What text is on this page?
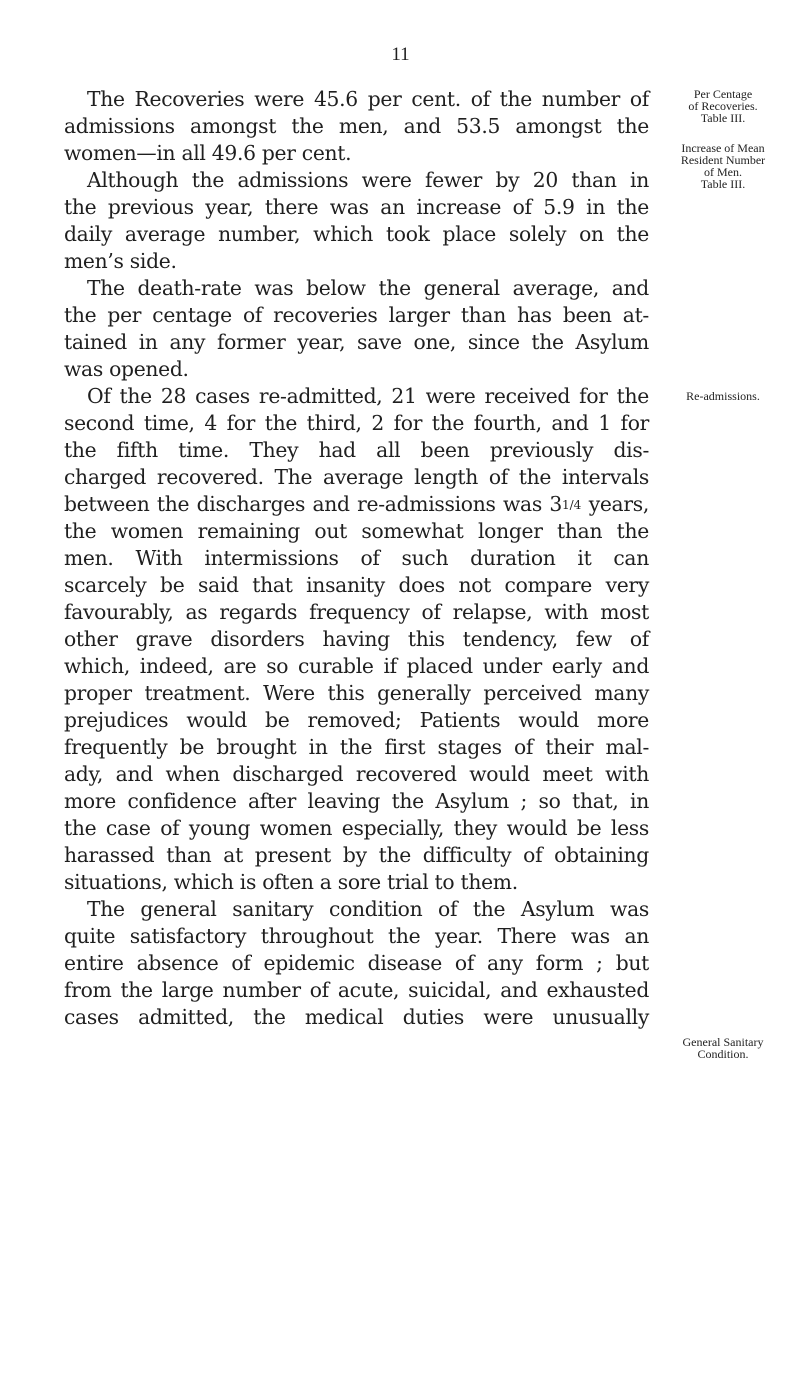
11
The Recoveries were 45.6 per cent. of the number of
admissions amongst the men, and 53.5 amongst the
women—in all 49.6 per cent.
Although the admissions were fewer by 20 than in
the previous year, there was an increase of 5.9 in the
daily average number, which took place solely on the
men’s side.
The death-rate was below the general average, and
the per centage of recoveries larger than has been at-
tained in any former year, save one, since the Asylum
was opened.
Of the 28 cases re-admitted, 21 were received for the
second time, 4 for the third, 2 for the fourth, and 1 for
the fifth time. They had all been previously dis-
charged recovered. The average length of the intervals
between the discharges and re-admissions was 31/4 years,
the women remaining out somewhat longer than the
men. With intermissions of such duration it can
scarcely be said that insanity does not compare very
favourably, as regards frequency of relapse, with most
other grave disorders having this tendency, few of
which, indeed, are so curable if placed under early and
proper treatment. Were this generally perceived many
prejudices would be removed; Patients would more
frequently be brought in the first stages of their mal-
ady, and when discharged recovered would meet with
more confidence after leaving the Asylum ; so that, in
the case of young women especially, they would be less
harassed than at present by the difficulty of obtaining
situations, which is often a sore trial to them.
The general sanitary condition of the Asylum was
quite satisfactory throughout the year. There was an
entire absence of epidemic disease of any form ; but
from the large number of acute, suicidal, and exhausted
cases admitted, the medical duties were unusually
Per Centage
of Recoveries.
Table III.
Increase of Mean
Resident Number
of Men.
Table III.
Re-admissions.
General Sanitary
Condition.
